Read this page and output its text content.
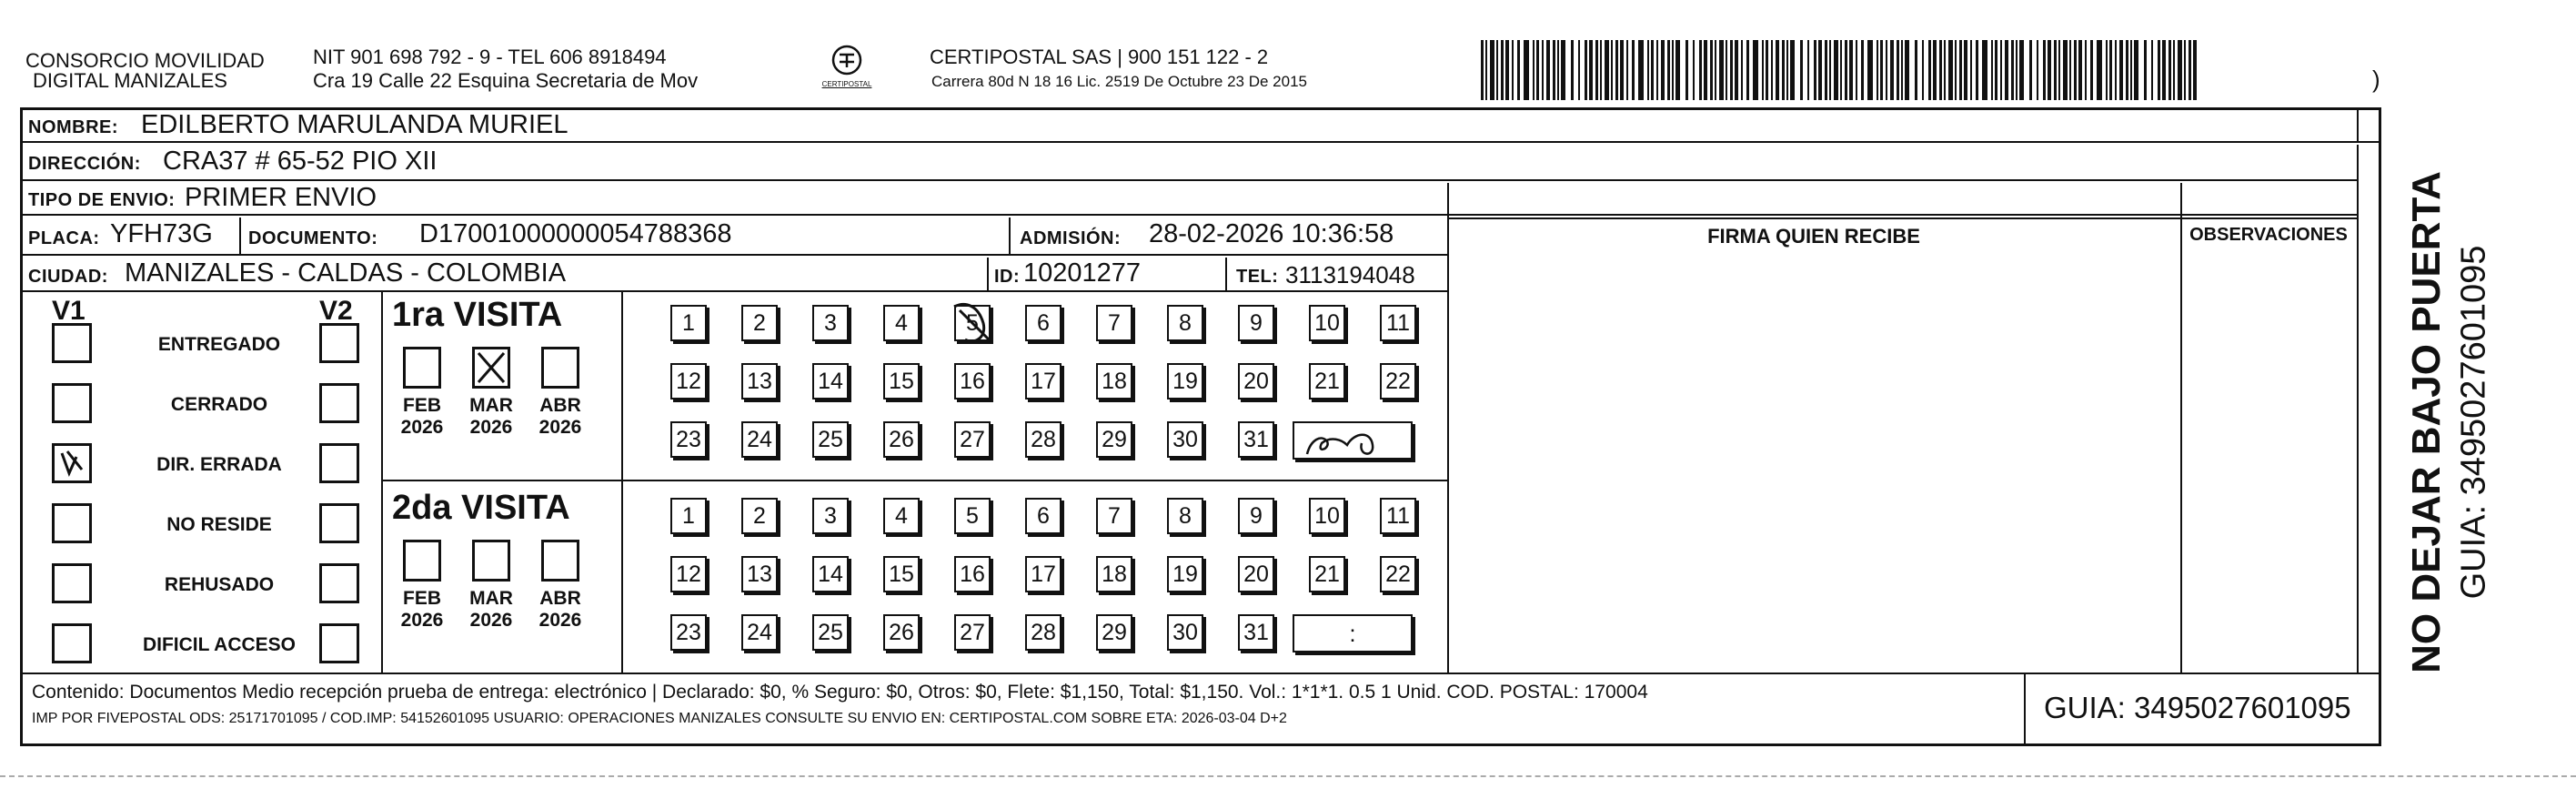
CONSORCIO MOVILIDAD
DIGITAL MANIZALES
NIT 901 698 792 - 9 - TEL 606 8918494
Cra 19 Calle 22 Esquina Secretaria de Mov	CERTIPOSTAL
CERTIPOSTAL SAS | 900 151 122 - 2
Carrera 80d N 18 16 Lic. 2519 De Octubre 23 De 2015	)
NOMBRE: EDILBERTO MARULANDA MURIEL
DIRECCIÓN: CRA37 # 65-52 PIO XII
TIPO DE ENVIO: PRIMER ENVIO
PLACA: YFH73G DOCUMENTO: D17001000000054788368	ADMISIÓN: 28-02-2026 10:36:58
CIUDAD: MANIZALES - CALDAS - COLOMBIA	ID: 10201277	TEL: 3113194048
FIRMA QUIEN RECIBE	OBSERVACIONES
V1	V2
ENTREGADO
CERRADO
DIR. ERRADA
NO RESIDE
REHUSADO
DIFICIL ACCESO
1ra VISITA
2da VISITA
FEB
2026
MAR
2026
ABR
2026
1	2	3	4	5	6	7	8	9	10 11
12 13 14 15 16 17 18 19 20 21 22
23 24 25 26 27 28 29 30 31
FEB
2026
MAR
2026
ABR
2026
1	2	3	4	5	6	7	8	9	10 11
12 13 14 15 16 17 18 19 20 21 22
23 24 25 26 27 28 29 30 31	:
Contenido: Documentos Medio recepción prueba de entrega: electrónico | Declarado: $0, % Seguro: $0, Otros: $0, Flete: $1,150, Total: $1,150. Vol.: 1*1*1. 0.5 1 Unid. COD. POSTAL: 170004
IMP POR FIVEPOSTAL ODS: 25171701095 / COD.IMP: 54152601095 USUARIO: OPERACIONES MANIZALES CONSULTE SU ENVIO EN: CERTIPOSTAL.COM SOBRE ETA: 2026-03-04 D+2	GUIA: 3495027601095
NO DEJAR BAJO PUERTA GUIA: 3495027601095
